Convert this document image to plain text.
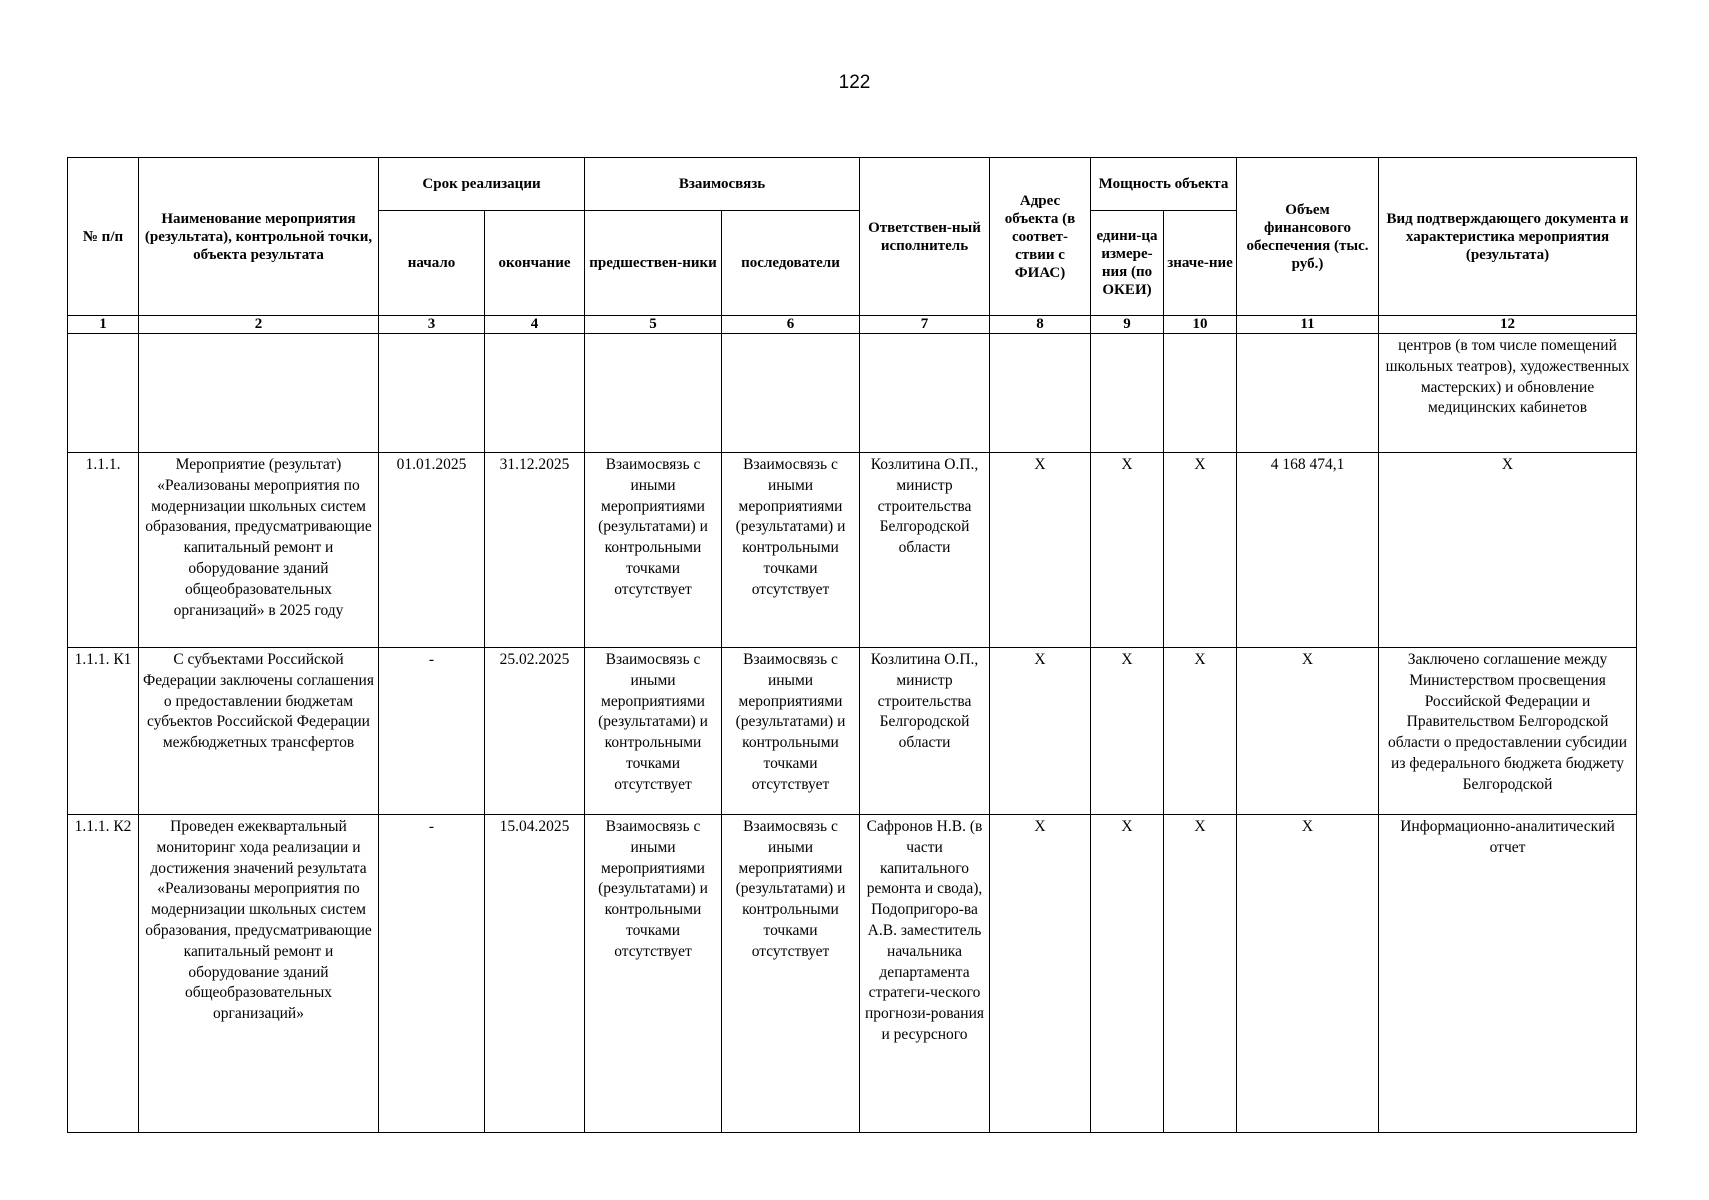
122
№ п/п	Наименование мероприятия (результата), контрольной точки, объекта результата	Срок реализации		Взаимосвязь		Ответствен-ный исполнитель	Адрес объекта (в соответ-ствии с ФИАС)	Мощность объекта		Объем финансового обеспечения (тыс. руб.)	Вид подтверждающего документа и характеристика мероприятия (результата)
		начало	окончание	предшествен-ники	последователи			едини-ца измере-ния (по ОКЕИ)	значе-ние		
1	2	3	4	5	6	7	8	9	10	11	12
											центров (в том числе помещений школьных театров), художественных мастерских) и обновление медицинских кабинетов
1.1.1.	Мероприятие (результат) «Реализованы мероприятия по модернизации школьных систем образования, предусматривающие капитальный ремонт и оборудование зданий общеобразовательных организаций» в 2025 году	01.01.2025	31.12.2025	Взаимосвязь с иными мероприятиями (результатами) и контрольными точками отсутствует	Взаимосвязь с иными мероприятиями (результатами) и контрольными точками отсутствует	Козлитина О.П., министр строительства Белгородской области	X	X	X	4 168 474,1	X
1.1.1. К1	С субъектами Российской Федерации заключены соглашения о предоставлении бюджетам субъектов Российской Федерации межбюджетных трансфертов	-	25.02.2025	Взаимосвязь с иными мероприятиями (результатами) и контрольными точками отсутствует	Взаимосвязь с иными мероприятиями (результатами) и контрольными точками отсутствует	Козлитина О.П., министр строительства Белгородской области	X	X	X	X	Заключено соглашение между Министерством просвещения Российской Федерации и Правительством Белгородской области о предоставлении субсидии из федерального бюджета бюджету Белгородской
1.1.1. К2	Проведен ежеквартальный мониторинг хода реализации и достижения значений результата «Реализованы мероприятия по модернизации школьных систем образования, предусматривающие капитальный ремонт и оборудование зданий общеобразовательных организаций»	-	15.04.2025	Взаимосвязь с иными мероприятиями (результатами) и контрольными точками отсутствует	Взаимосвязь с иными мероприятиями (результатами) и контрольными точками отсутствует	Сафронов Н.В. (в части капитального ремонта и свода), Подопригоро-ва А.В. заместитель начальника департамента стратеги-ческого прогнози-рования и ресурсного	X	X	X	X	Информационно-аналитический отчет
